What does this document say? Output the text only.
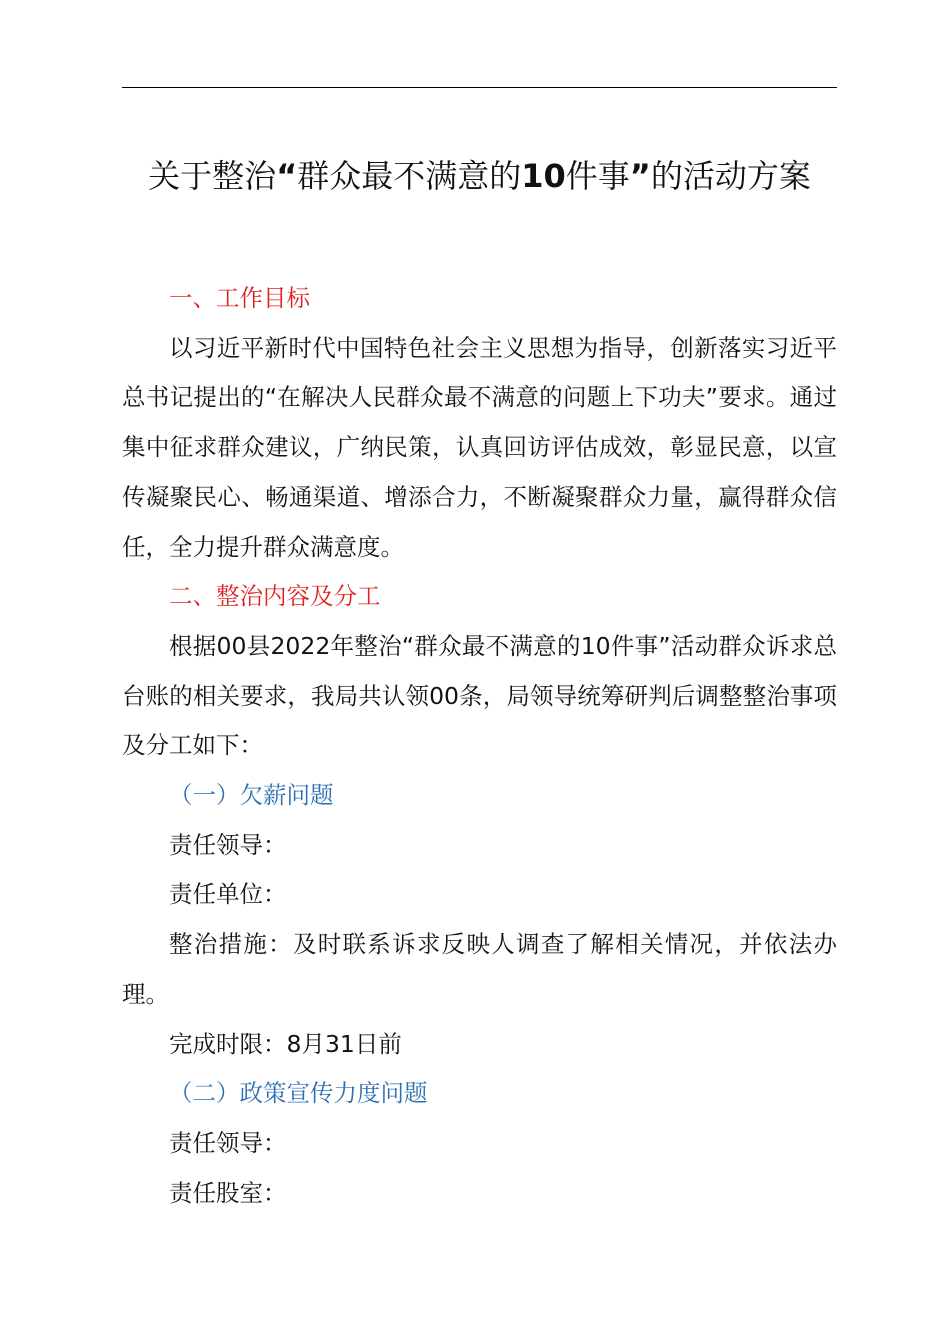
关于整治“群众最不满意的10件事”的活动方案

一、工作目标

以习近平新时代中国特色社会主义思想为指导，创新落实习近平总书记提出的“在解决人民群众最不满意的问题上下功夫”要求。通过集中征求群众建议，广纳民策，认真回访评估成效，彰显民意，以宣传凝聚民心、畅通渠道、增添合力，不断凝聚群众力量，赢得群众信任，全力提升群众满意度。

二、整治内容及分工

根据00县2022年整治“群众最不满意的10件事”活动群众诉求总台账的相关要求，我局共认领00条，局领导统筹研判后调整整治事项及分工如下：

（一）欠薪问题

责任领导：

责任单位：

整治措施：及时联系诉求反映人调查了解相关情况，并依法办理。

完成时限：8月31日前

（二）政策宣传力度问题

责任领导：

责任股室：
